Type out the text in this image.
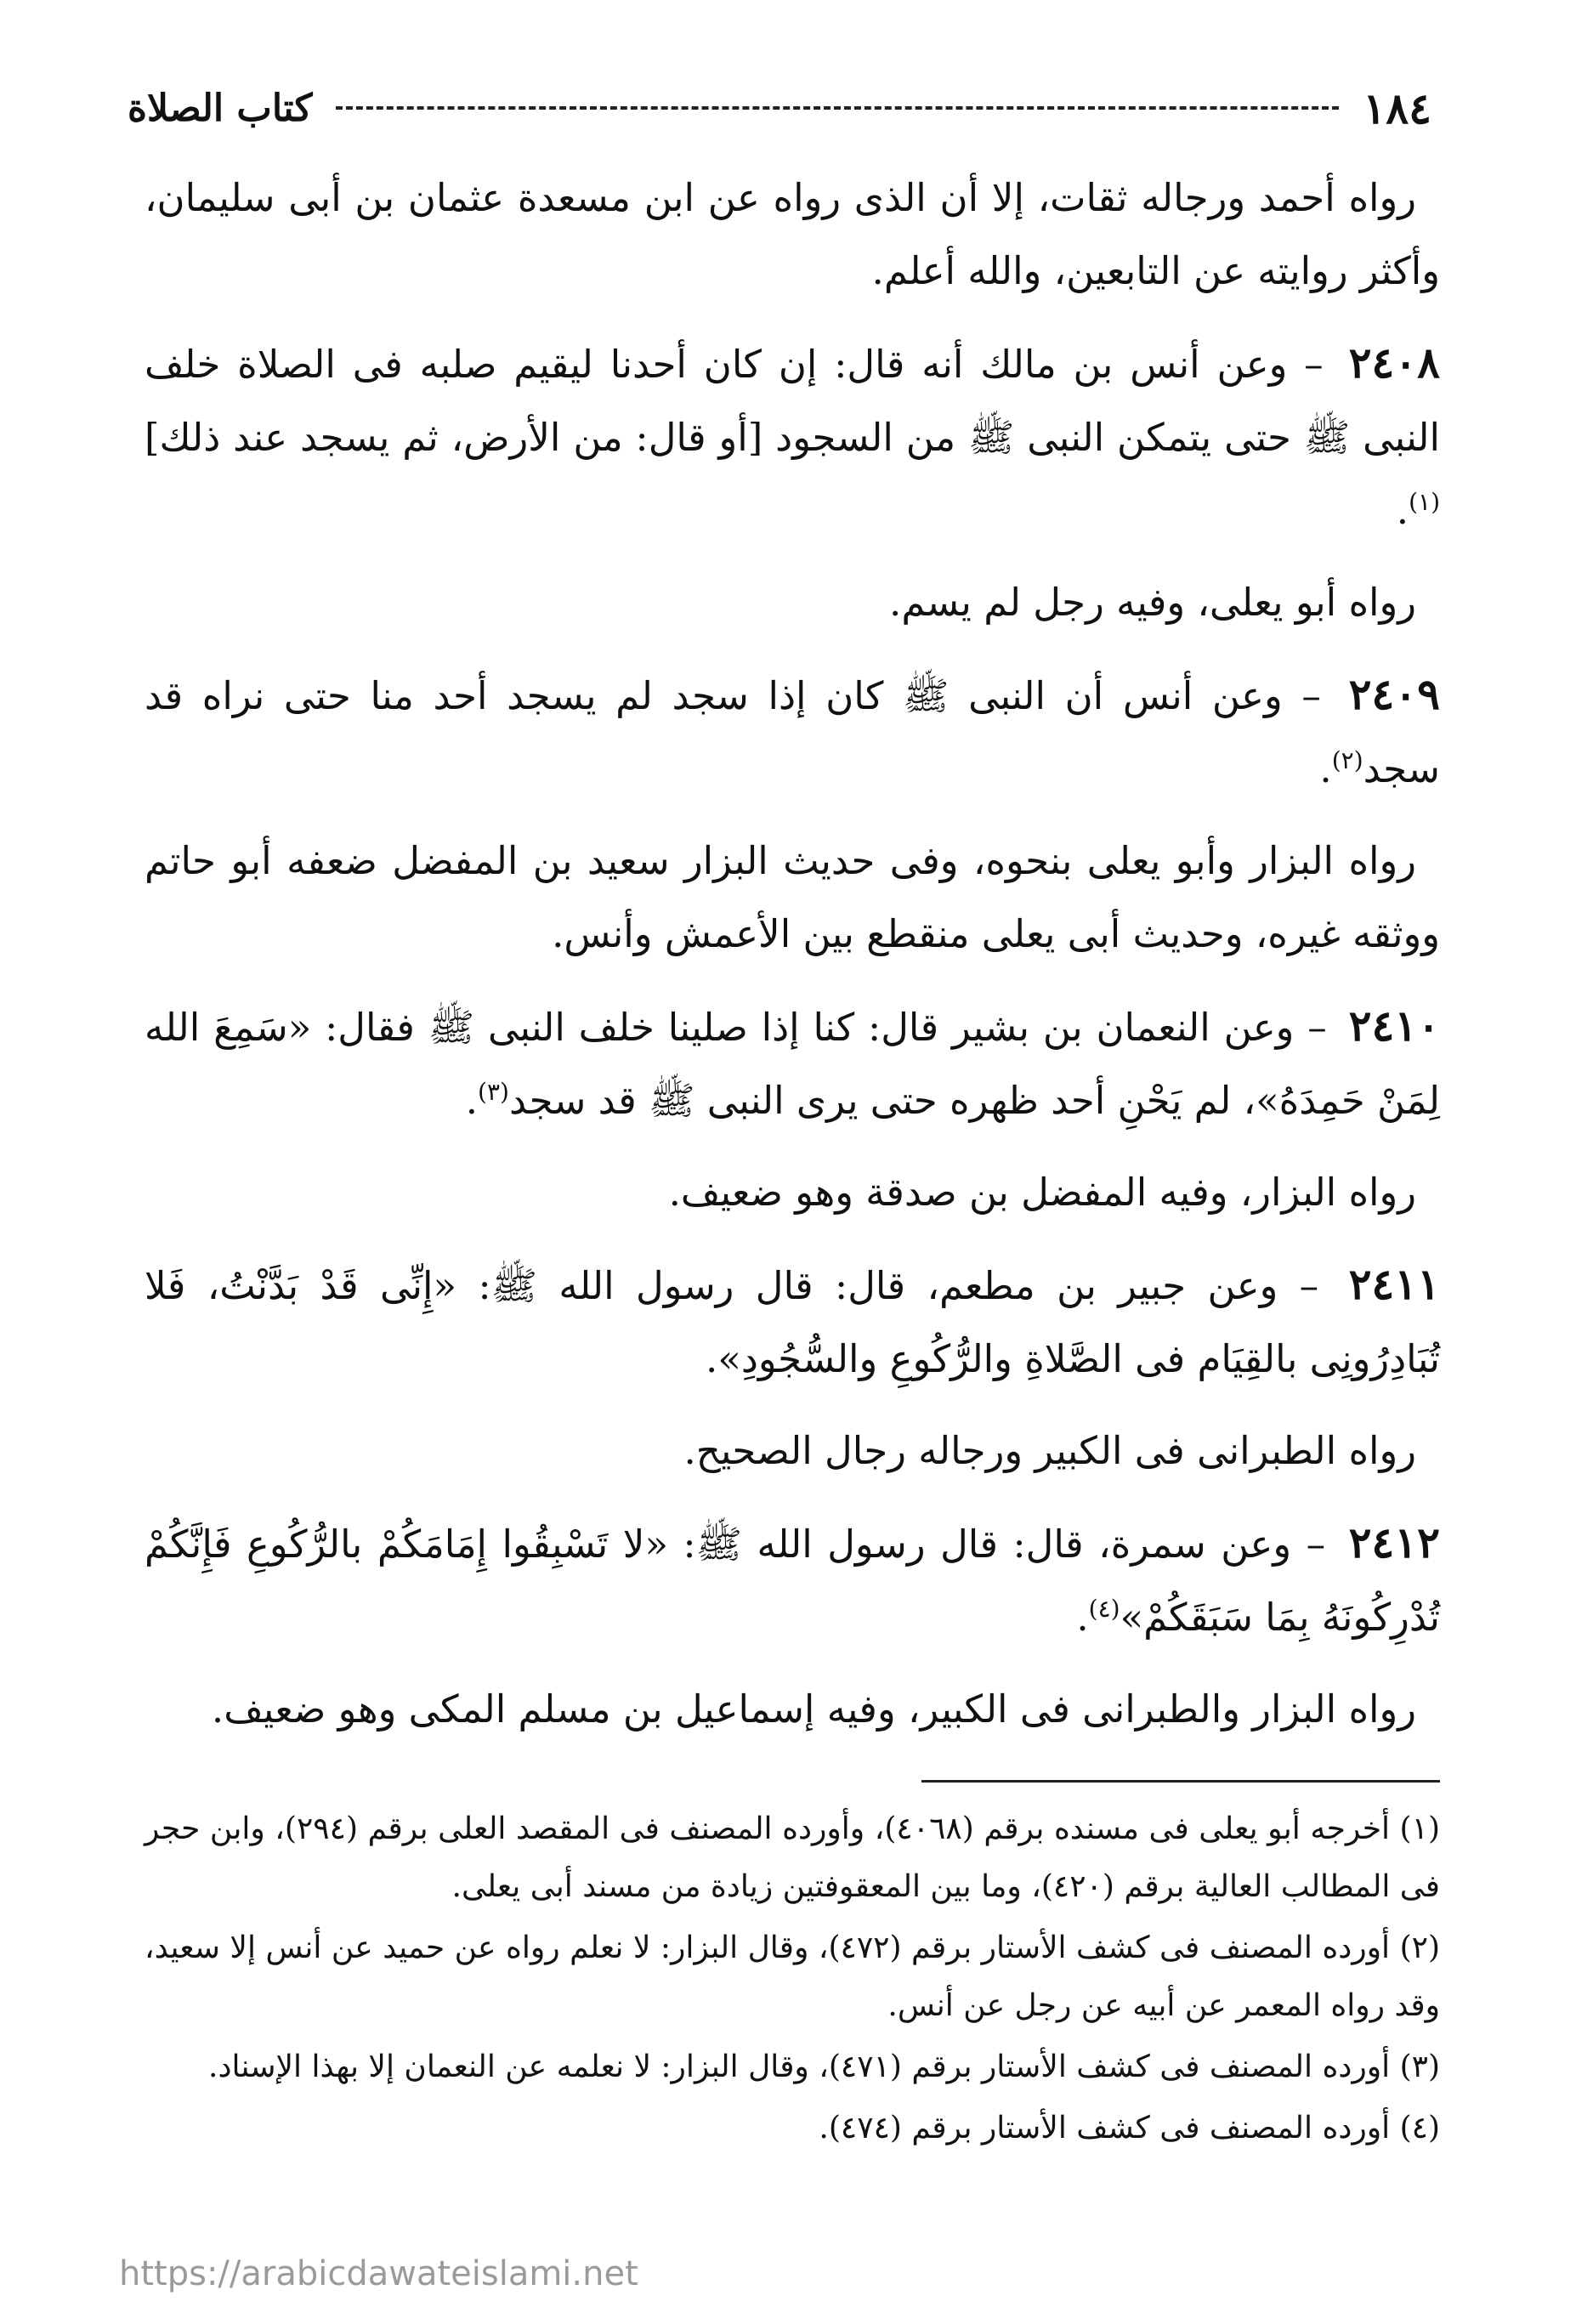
١٨٤
كتاب الصلاة

رواه أحمد ورجاله ثقات، إلا أن الذى رواه عن ابن مسعدة عثمان بن أبى سليمان، وأكثر روايته عن التابعين، والله أعلم.

٢٤٠٨ – وعن أنس بن مالك أنه قال: إن كان أحدنا ليقيم صلبه فى الصلاة خلف النبى ﷺ حتى يتمكن النبى ﷺ من السجود [أو قال: من الأرض، ثم يسجد عند ذلك]$^{(١)}$.

رواه أبو يعلى، وفيه رجل لم يسم.

٢٤٠٩ – وعن أنس أن النبى ﷺ كان إذا سجد لم يسجد أحد منا حتى نراه قد سجد$^{(٢)}$.

رواه البزار وأبو يعلى بنحوه، وفى حديث البزار سعيد بن المفضل ضعفه أبو حاتم ووثقه غيره، وحديث أبى يعلى منقطع بين الأعمش وأنس.

٢٤١٠ – وعن النعمان بن بشير قال: كنا إذا صلينا خلف النبى ﷺ فقال: «سَمِعَ الله لِمَنْ حَمِدَهُ»، لم يَحْنِ أحد ظهره حتى يرى النبى ﷺ قد سجد$^{(٣)}$.

رواه البزار، وفيه المفضل بن صدقة وهو ضعيف.

٢٤١١ – وعن جبير بن مطعم، قال: قال رسول الله ﷺ: «إِنِّى قَدْ بَدَّنْتُ، فَلا تُبَادِرُونِى بالقِيَام فى الصَّلاةِ والرُّكُوعِ والسُّجُودِ».

رواه الطبرانى فى الكبير ورجاله رجال الصحيح.

٢٤١٢ – وعن سمرة، قال: قال رسول الله ﷺ: «لا تَسْبِقُوا إِمَامَكُمْ بالرُّكُوعِ فَإِنَّكُمْ تُدْرِكُونَهُ بِمَا سَبَقَكُمْ»$^{(٤)}$.

رواه البزار والطبرانى فى الكبير، وفيه إسماعيل بن مسلم المكى وهو ضعيف.

(١) أخرجه أبو يعلى فى مسنده برقم (٤٠٦٨)، وأورده المصنف فى المقصد العلى برقم (٢٩٤)، وابن حجر فى المطالب العالية برقم (٤٢٠)، وما بين المعقوفتين زيادة من مسند أبى يعلى.

(٢) أورده المصنف فى كشف الأستار برقم (٤٧٢)، وقال البزار: لا نعلم رواه عن حميد عن أنس إلا سعيد، وقد رواه المعمر عن أبيه عن رجل عن أنس.

(٣) أورده المصنف فى كشف الأستار برقم (٤٧١)، وقال البزار: لا نعلمه عن النعمان إلا بهذا الإسناد.

(٤) أورده المصنف فى كشف الأستار برقم (٤٧٤).

https://arabicdawateislami.net
